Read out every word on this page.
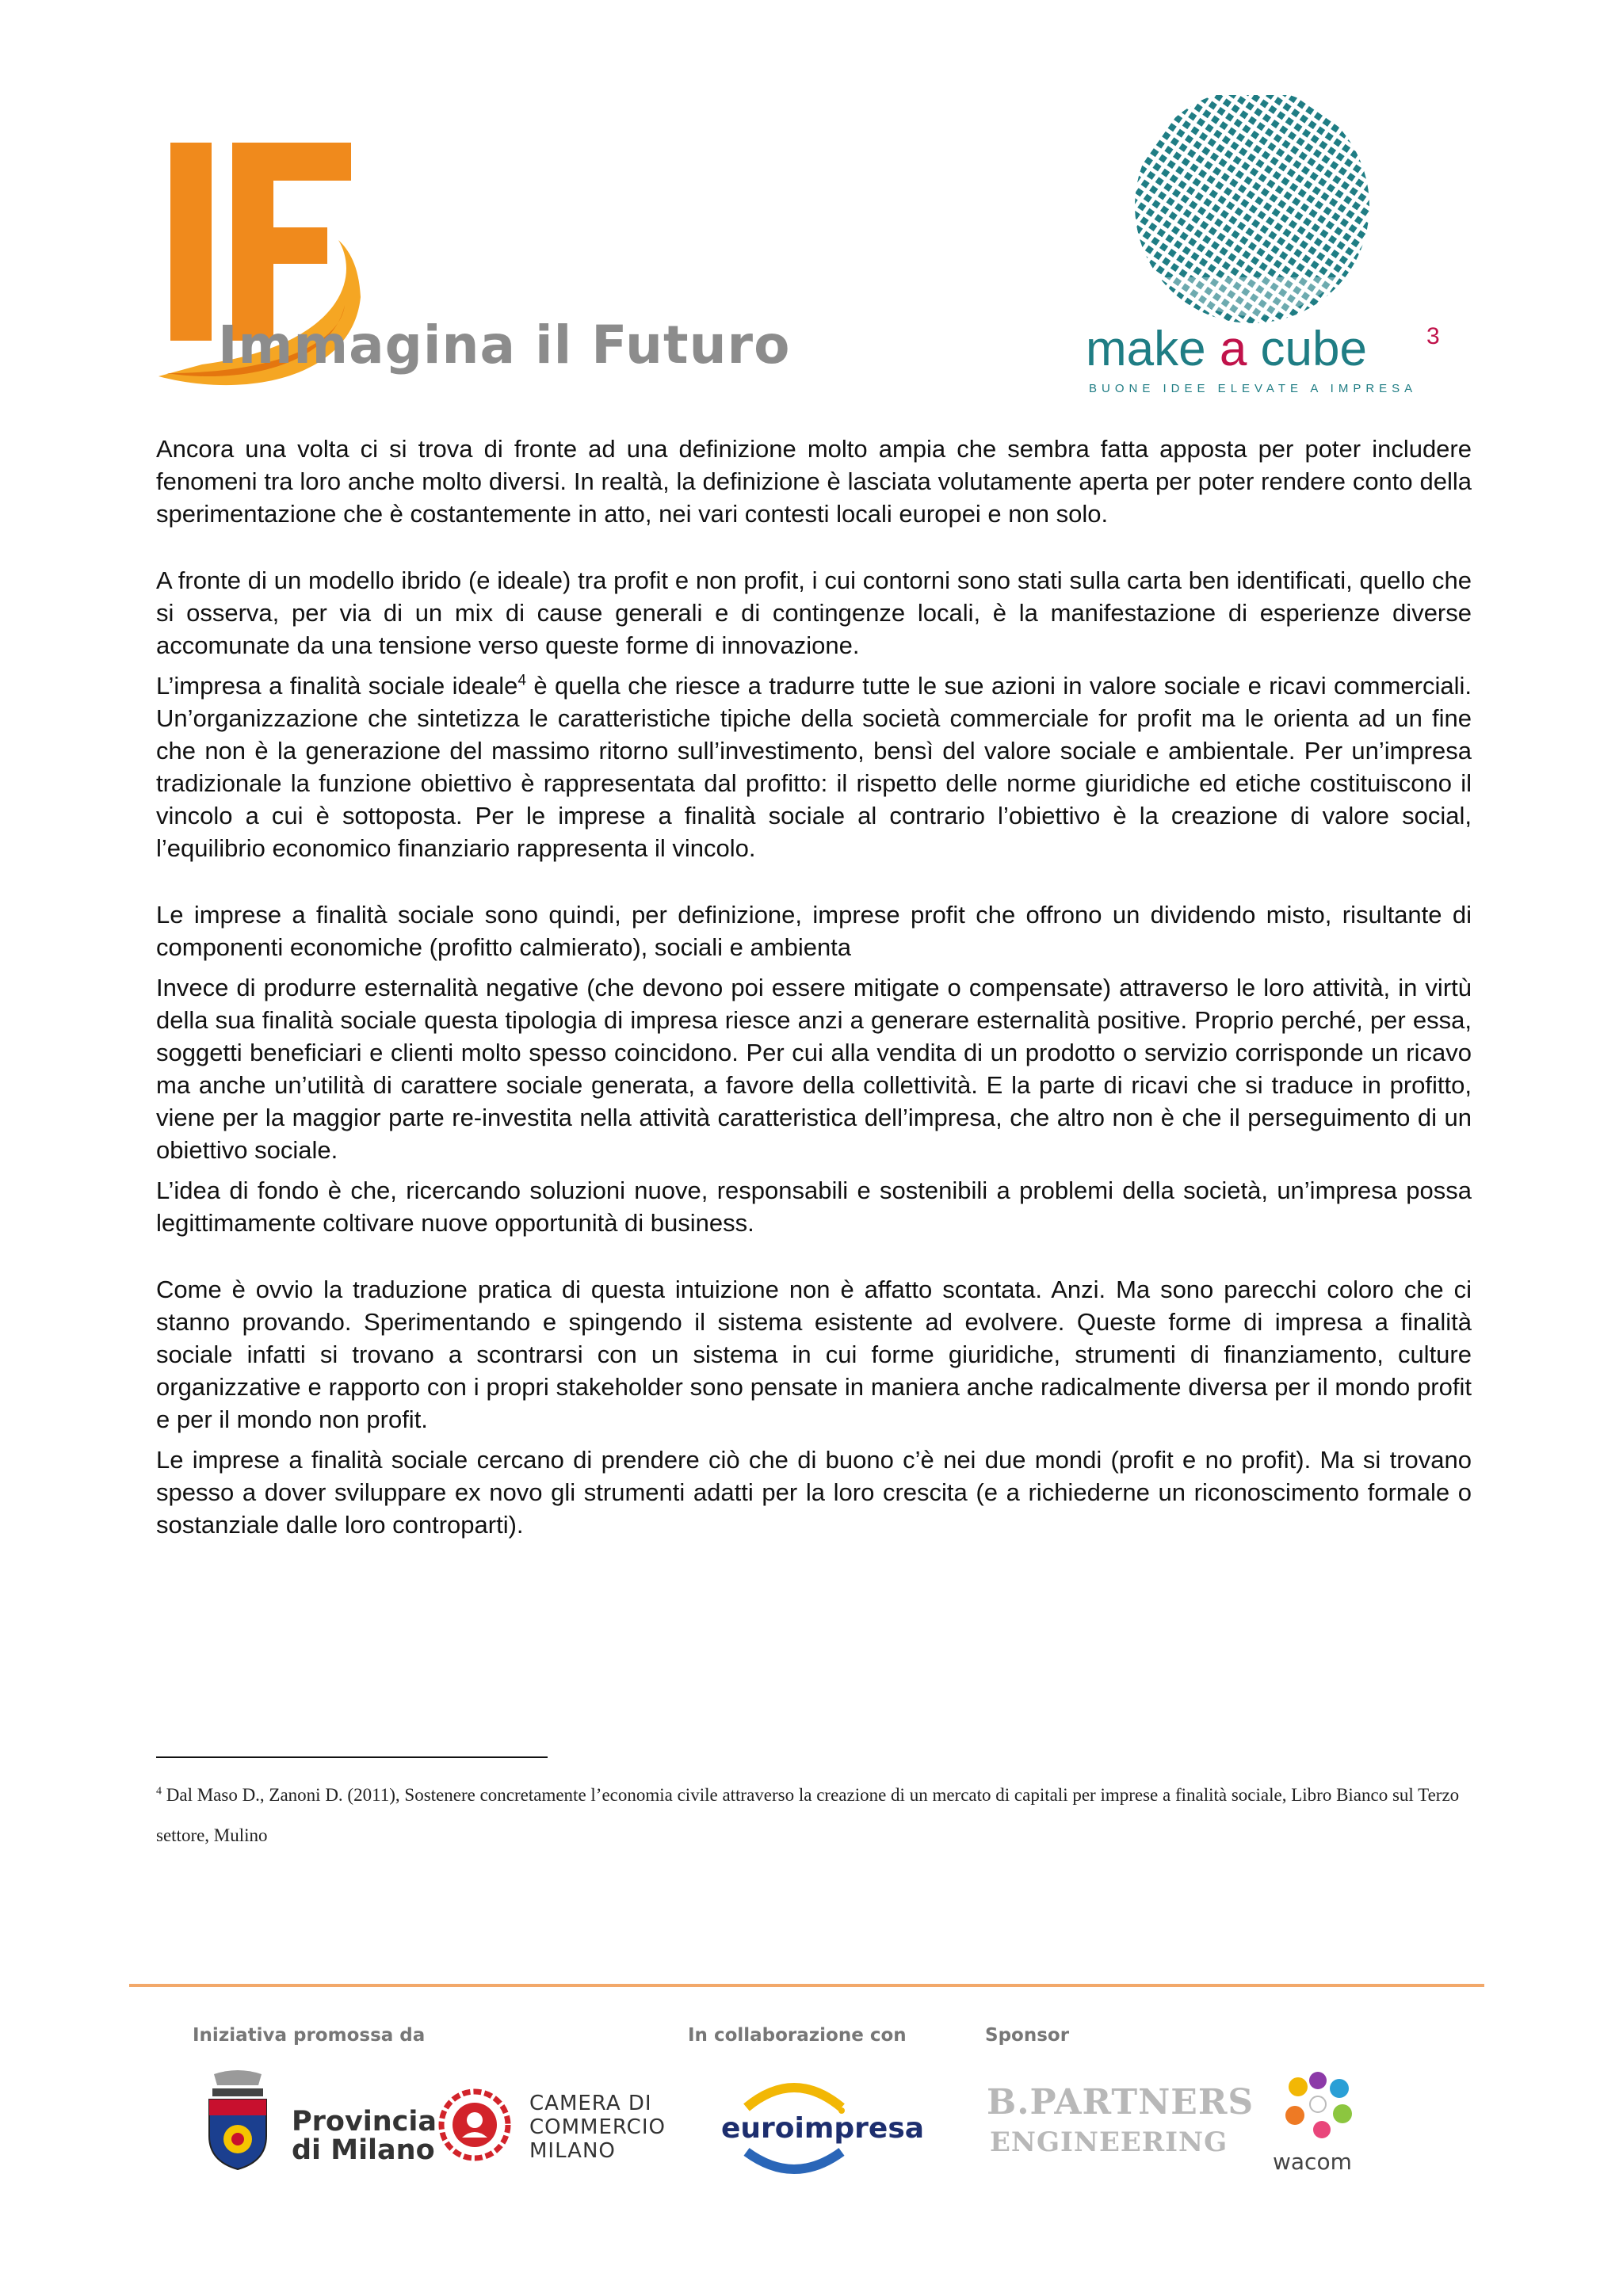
Immagina il Futuro	make a cube	3
BUONE IDEE ELEVATE A IMPRESA

Ancora una volta ci si trova di fronte ad una definizione molto ampia che sembra fatta apposta per poter includere fenomeni tra loro anche molto diversi. In realtà, la definizione è lasciata volutamente aperta per poter rendere conto della sperimentazione che è costantemente in atto, nei vari contesti locali europei e non solo.

A fronte di un modello ibrido (e ideale) tra profit e non profit, i cui contorni sono stati sulla carta ben identificati, quello che si osserva, per via di un mix di cause generali e di contingenze locali, è la manifestazione di esperienze diverse accomunate da una tensione verso queste forme di innovazione.

L’impresa a finalità sociale ideale$^4$ è quella che riesce a tradurre tutte le sue azioni in valore sociale e ricavi commerciali. Un’organizzazione che sintetizza le caratteristiche tipiche della società commerciale for profit ma le orienta ad un fine che non è la generazione del massimo ritorno sull’investimento, bensì del valore sociale e ambientale. Per un’impresa tradizionale la funzione obiettivo è rappresentata dal profitto: il rispetto delle norme giuridiche ed etiche costituiscono il vincolo a cui è sottoposta. Per le imprese a finalità sociale al contrario l’obiettivo è la creazione di valore social, l’equilibrio economico finanziario rappresenta il vincolo.

Le imprese a finalità sociale sono quindi, per definizione, imprese profit che offrono un dividendo misto, risultante di componenti economiche (profitto calmierato), sociali e ambienta

Invece di produrre esternalità negative (che devono poi essere mitigate o compensate) attraverso le loro attività, in virtù della sua finalità sociale questa tipologia di impresa riesce anzi a generare esternalità positive. Proprio perché, per essa, soggetti beneficiari e clienti molto spesso coincidono. Per cui alla vendita di un prodotto o servizio corrisponde un ricavo ma anche un’utilità di carattere sociale generata, a favore della collettività. E la parte di ricavi che si traduce in profitto, viene per la maggior parte re-investita nella attività caratteristica dell’impresa, che altro non è che il perseguimento di un obiettivo sociale.

L’idea di fondo è che, ricercando soluzioni nuove, responsabili e sostenibili a problemi della società, un’impresa possa legittimamente coltivare nuove opportunità di business.

Come è ovvio la traduzione pratica di questa intuizione non è affatto scontata. Anzi. Ma sono parecchi coloro che ci stanno provando. Sperimentando e spingendo il sistema esistente ad evolvere. Queste forme di impresa a finalità sociale infatti si trovano a scontrarsi con un sistema in cui forme giuridiche, strumenti di finanziamento, culture organizzative e rapporto con i propri stakeholder sono pensate in maniera anche radicalmente diversa per il mondo profit e per il mondo non profit.

Le imprese a finalità sociale cercano di prendere ciò che di buono c’è nei due mondi (profit e no profit). Ma si trovano spesso a dover sviluppare ex novo gli strumenti adatti per la loro crescita (e a richiederne un riconoscimento formale o sostanziale dalle loro controparti).

$^4$ Dal Maso D., Zanoni D. (2011), Sostenere concretamente l’economia civile attraverso la creazione di un mercato di capitali per imprese a finalità sociale, Libro Bianco sul Terzo settore, Mulino
Iniziativa promossa da	In collaborazione con	Sponsor
Provincia
di Milano
CAMERA DI
COMMERCIO
MILANO
euroimpresa
B.PARTNERS
ENGINEERING
wacom
